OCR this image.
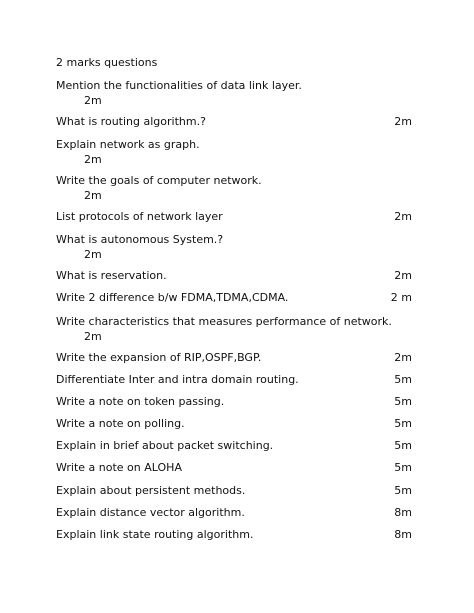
2 marks questions
Mention the functionalities of data link layer.
2m
What is routing algorithm.?	2m
Explain network as graph.
2m
Write the goals of computer network.
2m
List protocols of network layer	2m
What is autonomous System.?
2m
What is reservation.	2m
Write 2 difference b/w FDMA,TDMA,CDMA.	2 m
Write characteristics that measures performance of network.
2m
Write the expansion of RIP,OSPF,BGP.	2m
Differentiate Inter and intra domain routing.	5m
Write a note on token passing.	5m
Write a note on polling.	5m
Explain in brief about packet switching.	5m
Write a note on ALOHA	5m
Explain about persistent methods.	5m
Explain distance vector algorithm.	8m
Explain link state routing algorithm.	8m
